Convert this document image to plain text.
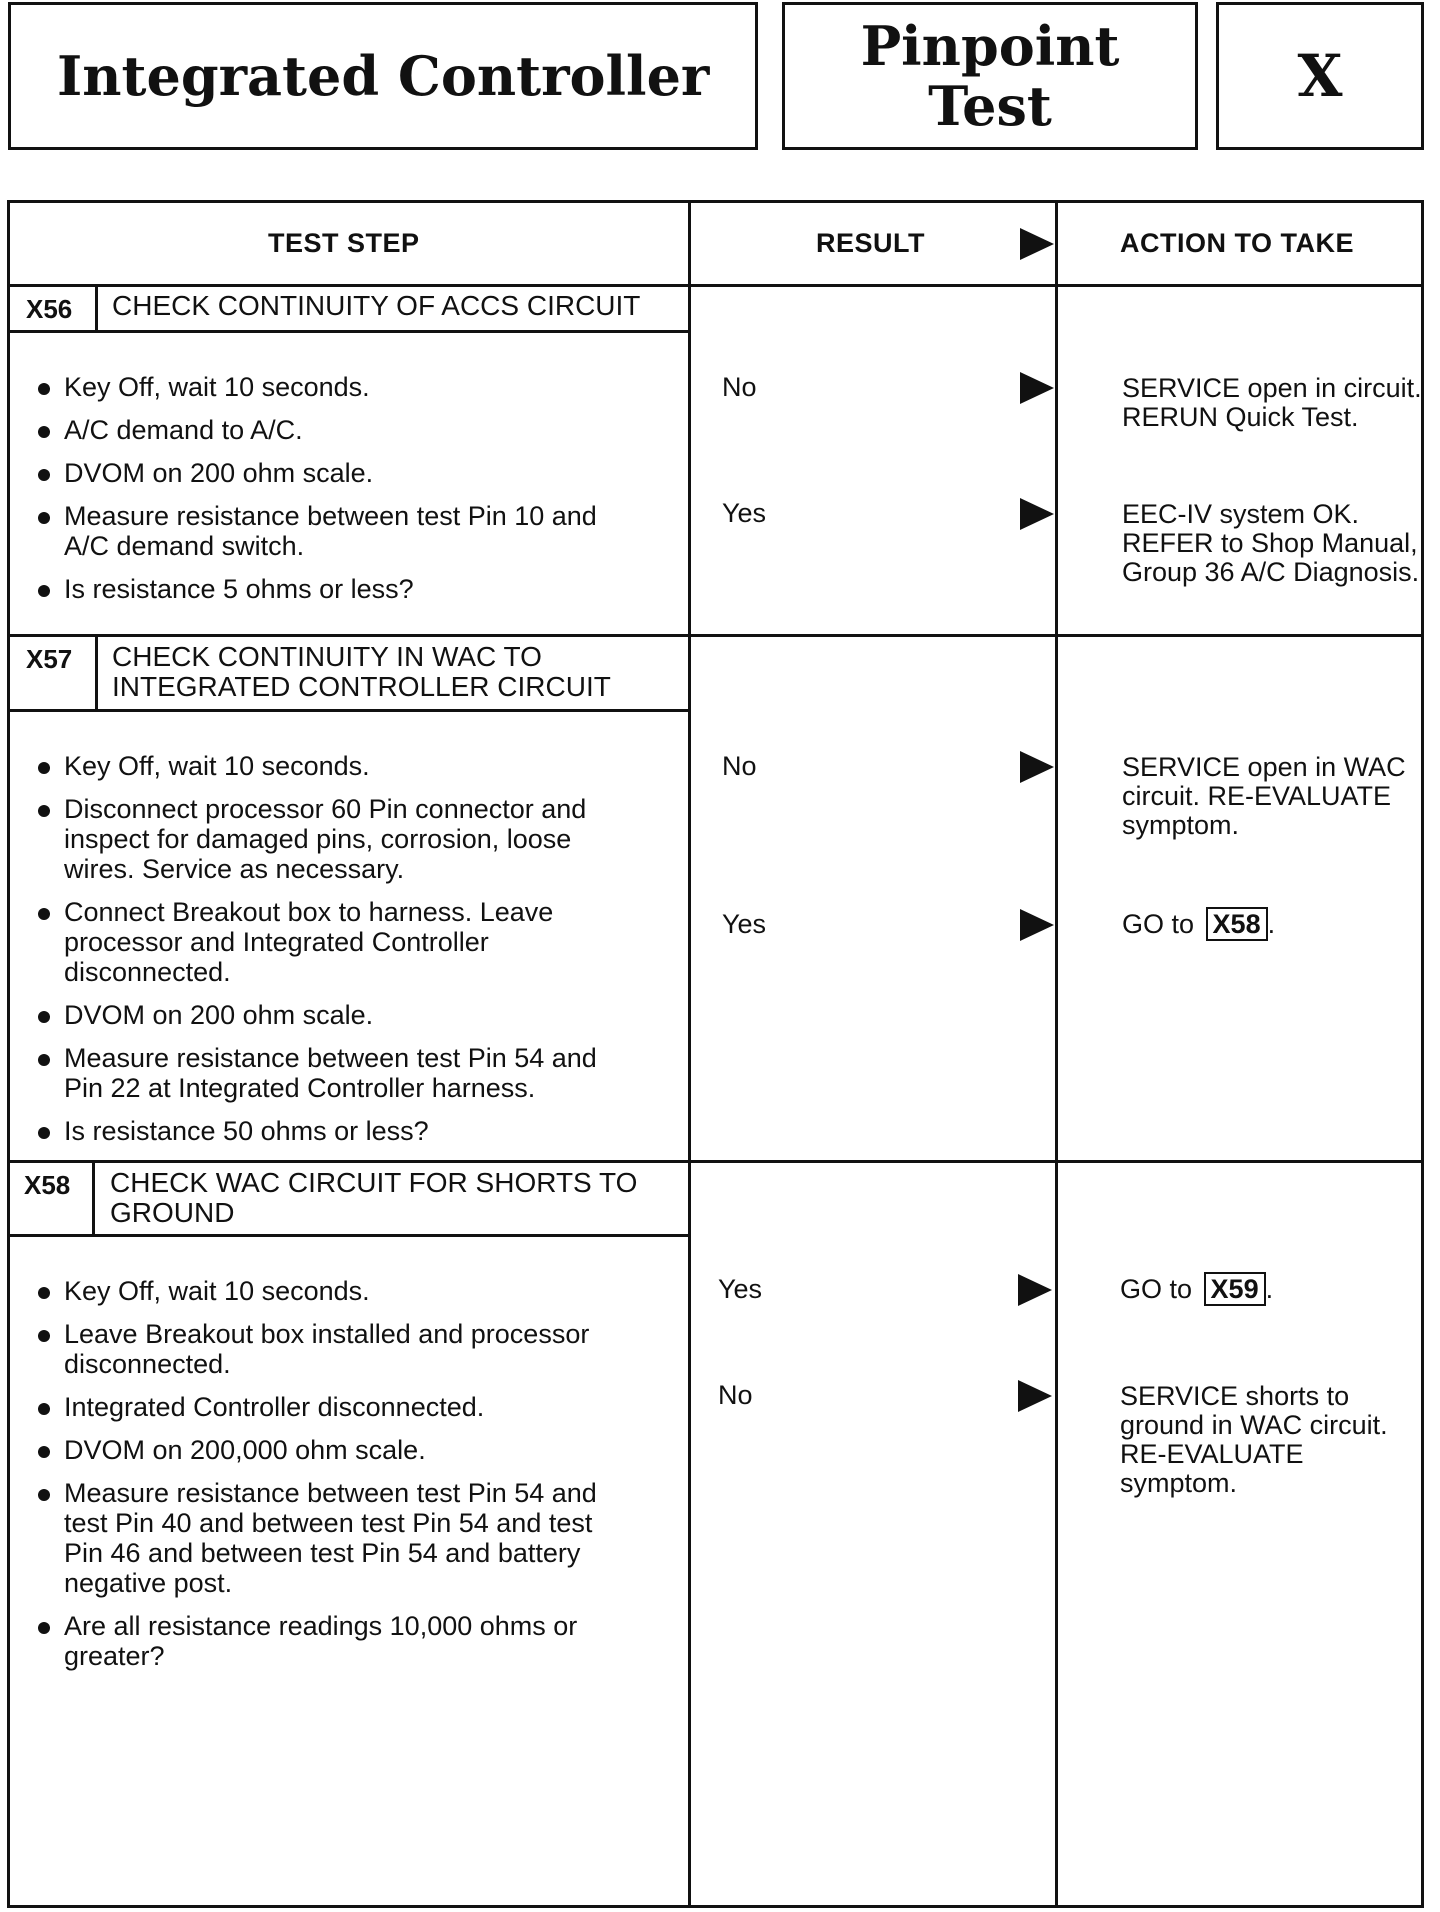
Integrated Controller	Pinpoint
Test	X
TEST STEP	RESULT	ACTION TO TAKE
X56 CHECK CONTINUITY OF ACCS CIRCUIT
Key Off, wait 10 seconds.
A/C demand to A/C.
DVOM on 200 ohm scale.
Measure resistance between test Pin 10 and A/C demand switch.
Is resistance 5 ohms or less?
No	SERVICE open in circuit. RERUN Quick Test.
Yes	EEC-IV system OK. REFER to Shop Manual, Group 36 A/C Diagnosis.
X57 CHECK CONTINUITY IN WAC TO INTEGRATED CONTROLLER CIRCUIT
Key Off, wait 10 seconds.
Disconnect processor 60 Pin connector and inspect for damaged pins, corrosion, loose wires. Service as necessary.
Connect Breakout box to harness. Leave processor and Integrated Controller disconnected.
DVOM on 200 ohm scale.
Measure resistance between test Pin 54 and Pin 22 at Integrated Controller harness.
Is resistance 50 ohms or less?
No	SERVICE open in WAC circuit. RE-EVALUATE symptom.
Yes	GO to X58 .
X58 CHECK WAC CIRCUIT FOR SHORTS TO GROUND
Key Off, wait 10 seconds.
Leave Breakout box installed and processor disconnected.
Integrated Controller disconnected.
DVOM on 200,000 ohm scale.
Measure resistance between test Pin 54 and test Pin 40 and between test Pin 54 and test Pin 46 and between test Pin 54 and battery negative post.
Are all resistance readings 10,000 ohms or greater?
Yes	GO to X59 .
No	SERVICE shorts to ground in WAC circuit. RE-EVALUATE symptom.
